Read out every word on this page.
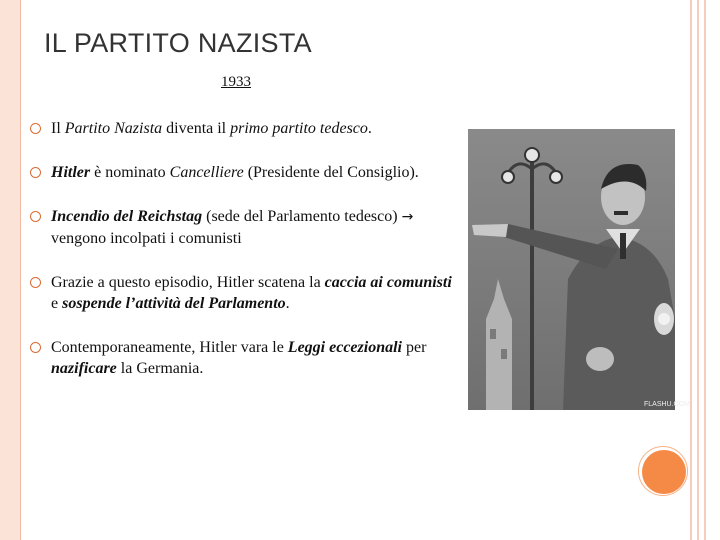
IL PARTITO NAZISTA
1933
Il Partito Nazista diventa il primo partito tedesco.
Hitler è nominato Cancelliere (Presidente del Consiglio).
Incendio del Reichstag (sede del Parlamento tedesco) → vengono incolpati i comunisti
Grazie a questo episodio, Hitler scatena la caccia ai comunisti e sospende l’attività del Parlamento.
Contemporaneamente, Hitler vara le Leggi eccezionali per nazificare la Germania.
FLASHU.COM
